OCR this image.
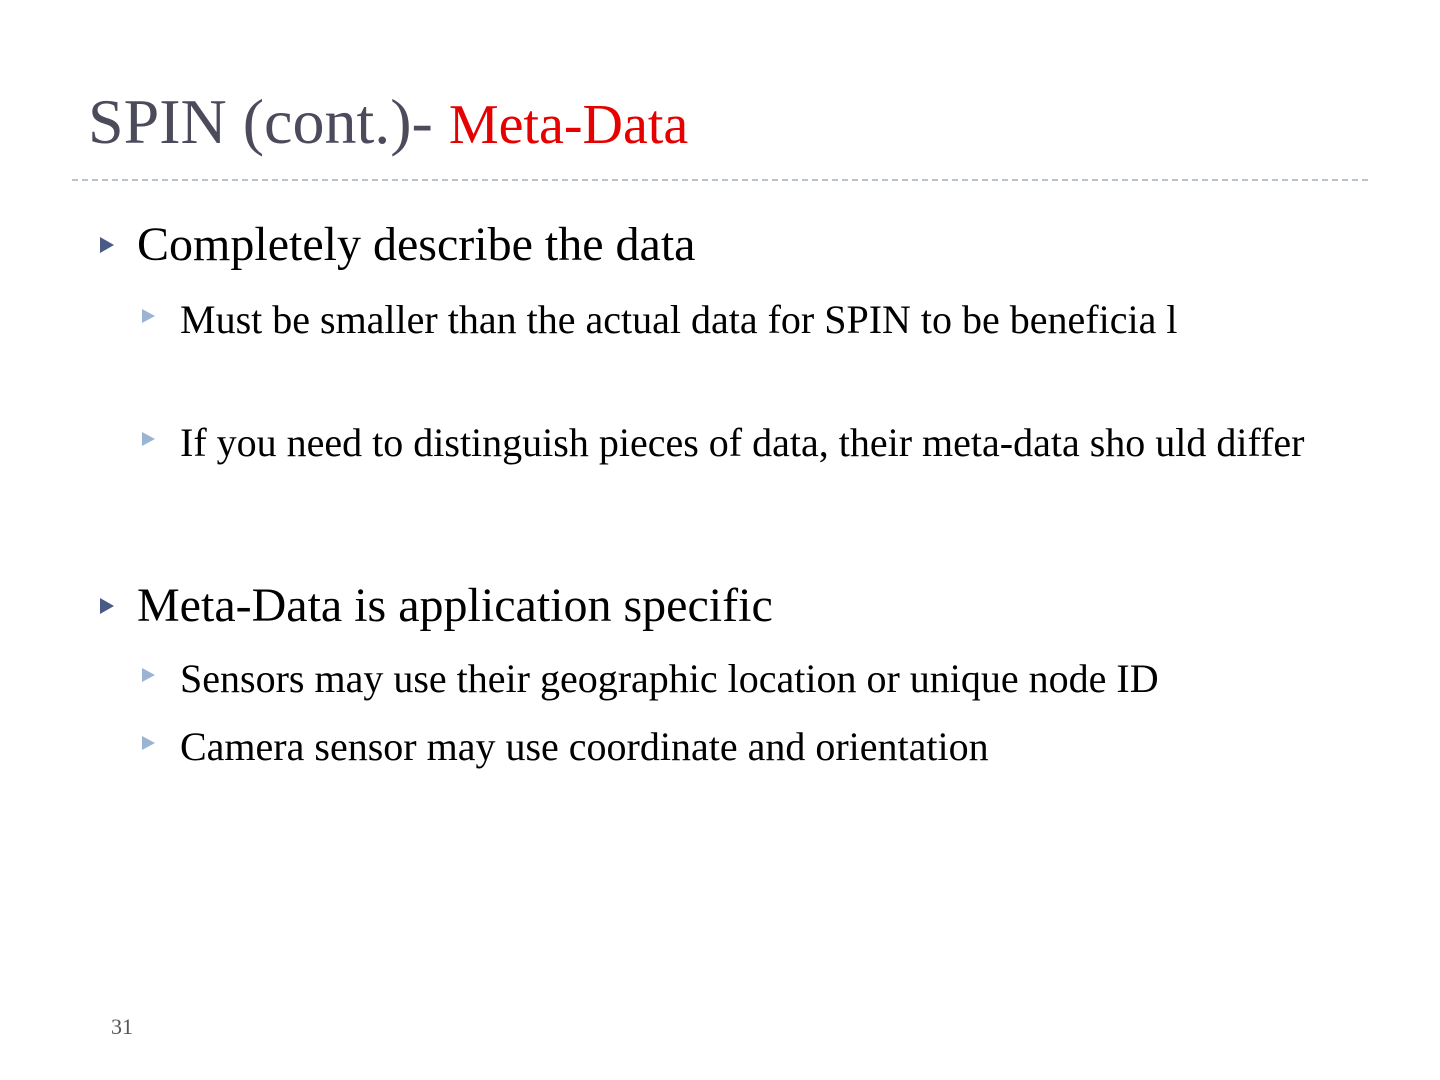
SPIN (cont.)- Meta-Data
Completely describe the data
Must be smaller than the actual data for SPIN to be beneficia l
If you need to distinguish pieces of data, their meta-data sho uld differ
Meta-Data is application specific
Sensors may use their geographic location or unique node ID
Camera sensor may use coordinate and orientation
31
